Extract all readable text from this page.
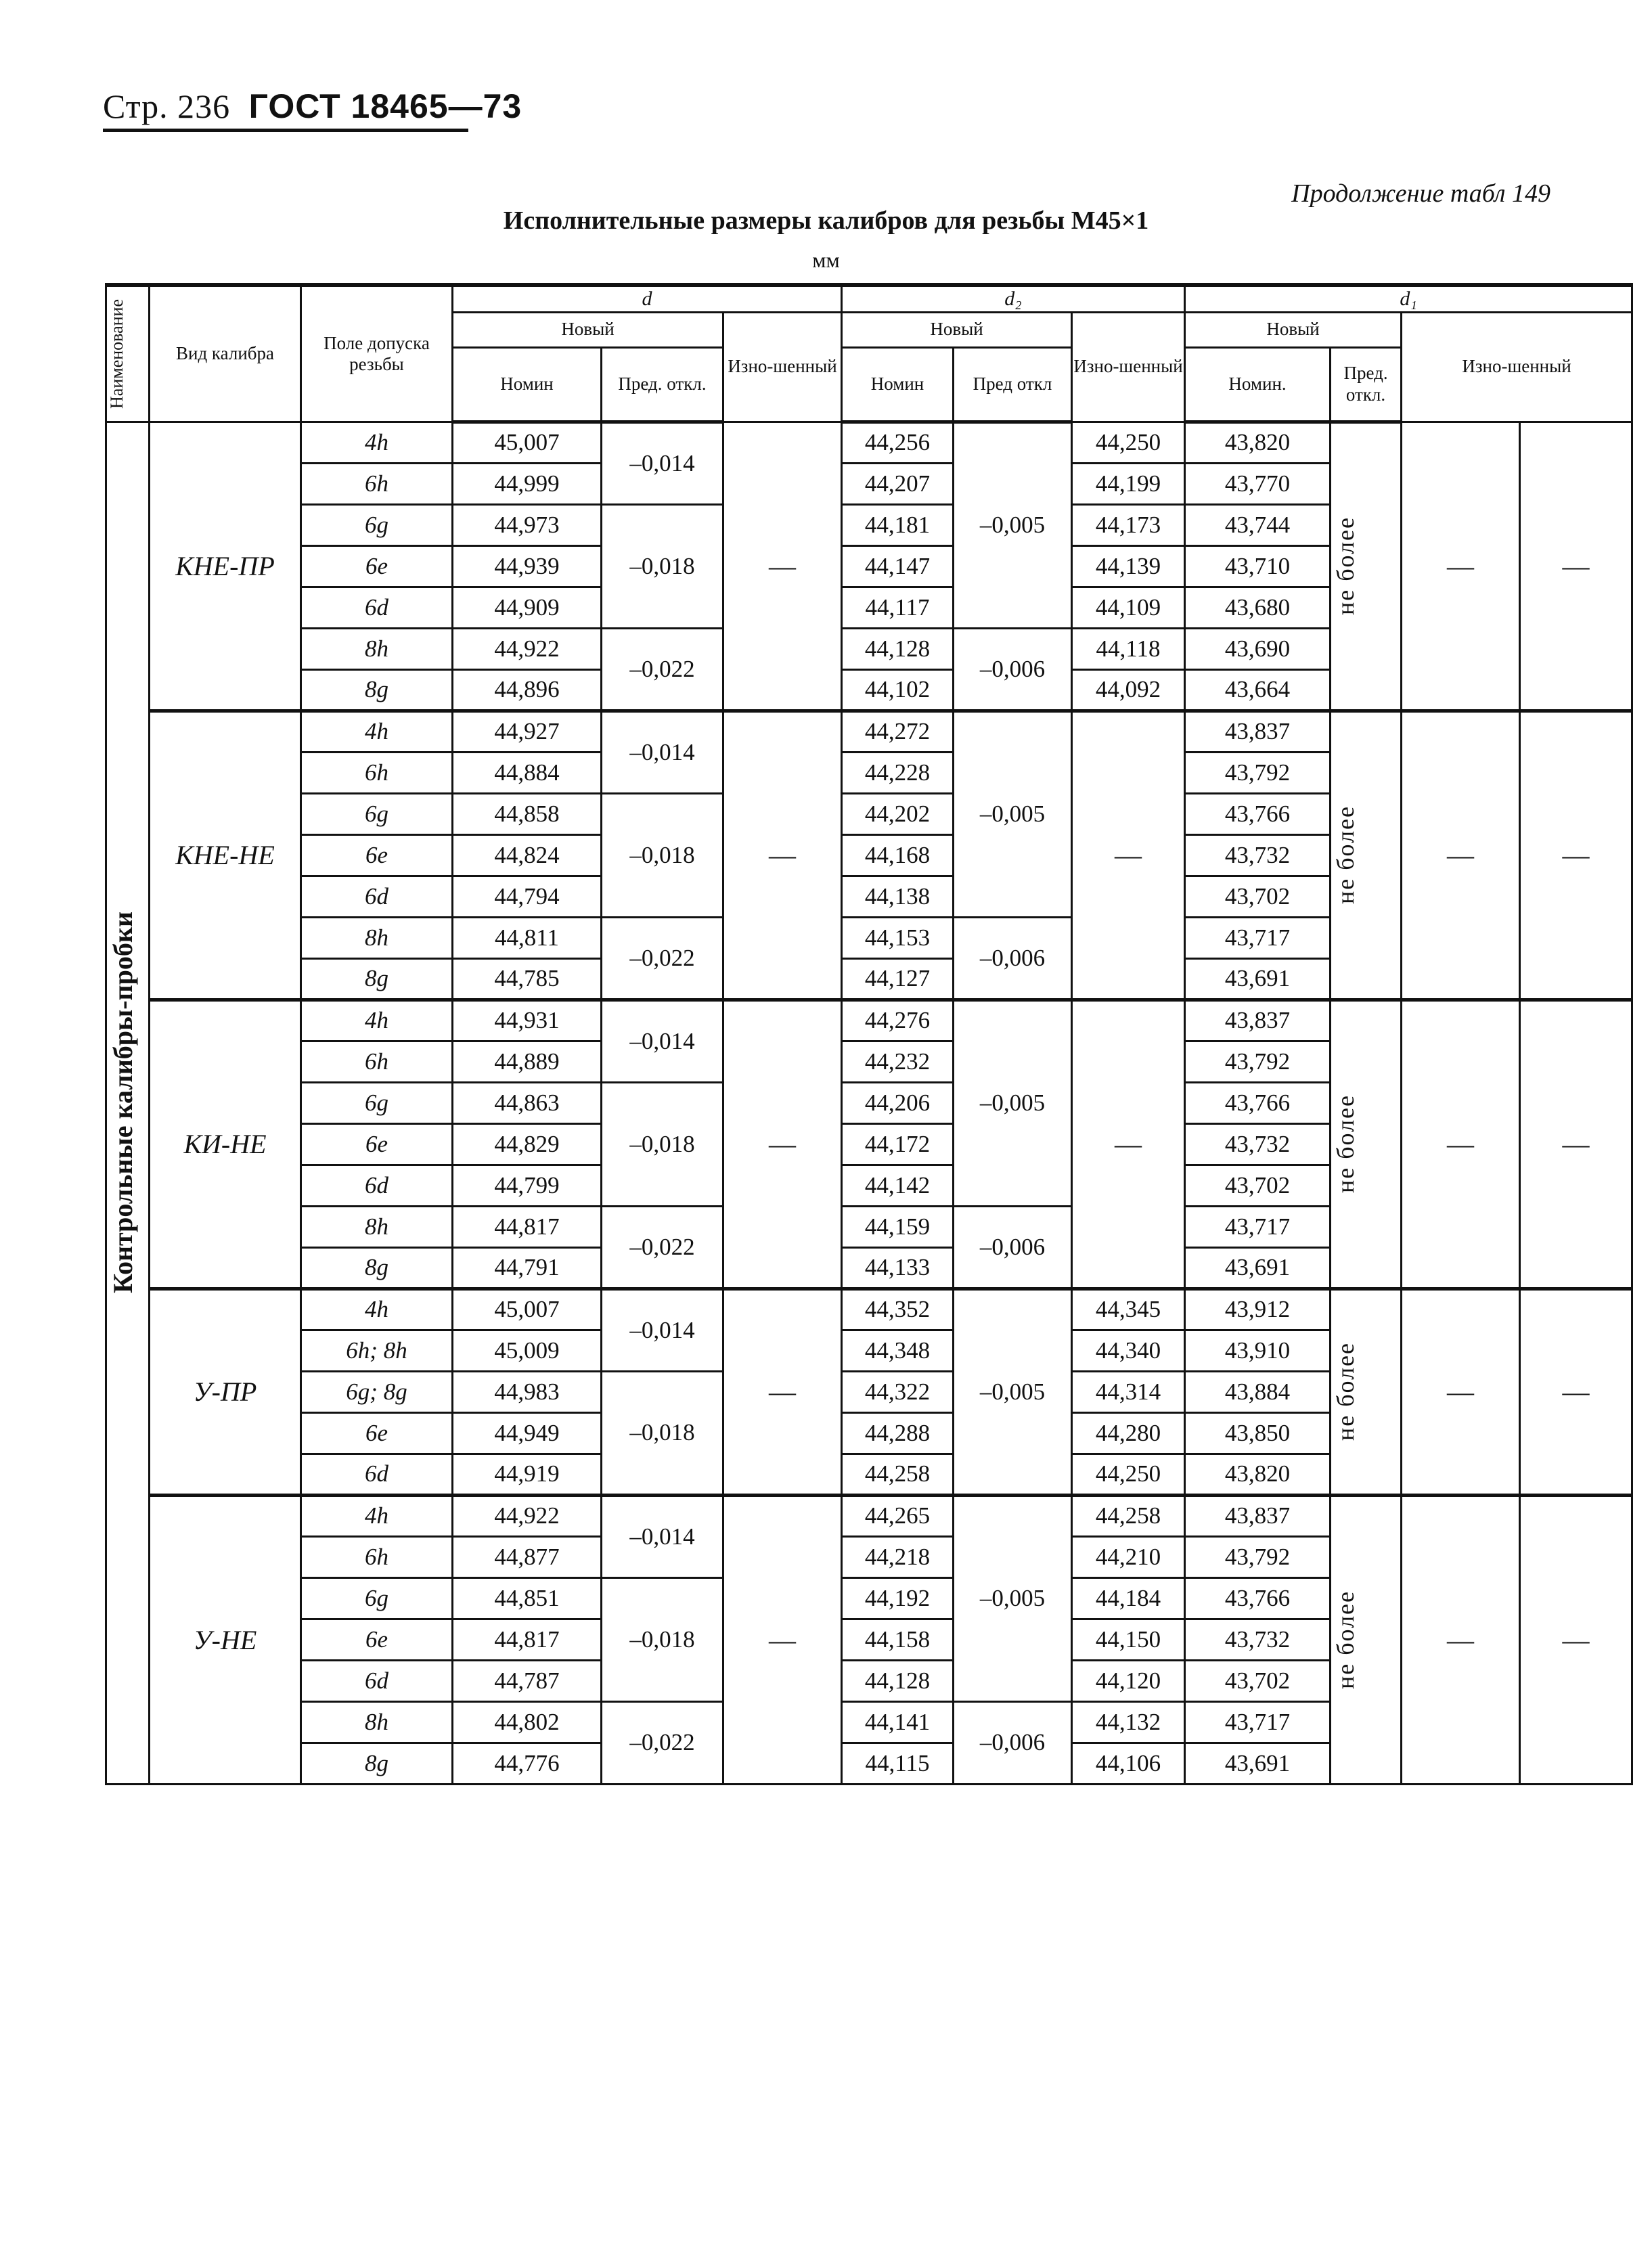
Стр. 236 ГОСТ 18465—73
Продолжение табл 149
Исполнительные размеры калибров для резьбы M45×1
мм
Наименование	Вид калибра	Поле допуска резьбы	d			d₂			d₁			
			Новый		Изно-шенный	Новый		Изно-шенный	Новый		Изно-шенный	
			Номин	Пред. откл.		Номин	Пред откл		Номин.	Пред. откл.		

Контрольные калибры-пробки	КНЕ-ПР	4h	45,007	–0,014	—	44,256	–0,005	44,250	43,820	не более	—	—
		6h	44,999			44,207		44,199	43,770			
		6g	44,973	–0,018		44,181		44,173	43,744			
		6e	44,939			44,147		44,139	43,710			
		6d	44,909			44,117		44,109	43,680			
		8h	44,922	–0,022		44,128	–0,006	44,118	43,690			
		8g	44,896			44,102		44,092	43,664			
	КНЕ-НЕ	4h	44,927	–0,014	—	44,272	–0,005	—	43,837	не более	—	—
		6h	44,884			44,228			43,792			
		6g	44,858	–0,018		44,202			43,766			
		6e	44,824			44,168			43,732			
		6d	44,794			44,138			43,702			
		8h	44,811	–0,022		44,153	–0,006		43,717			
		8g	44,785			44,127			43,691			
	КИ-НЕ	4h	44,931	–0,014	—	44,276	–0,005	—	43,837	не более	—	—
		6h	44,889			44,232			43,792			
		6g	44,863	–0,018		44,206			43,766			
		6e	44,829			44,172			43,732			
		6d	44,799			44,142			43,702			
		8h	44,817	–0,022		44,159	–0,006		43,717			
		8g	44,791			44,133			43,691			
	У-ПР	4h	45,007	–0,014	—	44,352	–0,005	44,345	43,912	не более	—	—
		6h; 8h	45,009			44,348		44,340	43,910			
		6g; 8g	44,983	–0,018		44,322		44,314	43,884			
		6e	44,949			44,288		44,280	43,850			
		6d	44,919			44,258		44,250	43,820			
	У-НЕ	4h	44,922	–0,014	—	44,265	–0,005	44,258	43,837	не более	—	—
		6h	44,877			44,218		44,210	43,792			
		6g	44,851	–0,018		44,192		44,184	43,766			
		6e	44,817			44,158		44,150	43,732			
		6d	44,787			44,128		44,120	43,702			
		8h	44,802	–0,022		44,141	–0,006	44,132	43,717			
		8g	44,776			44,115		44,106	43,691			
